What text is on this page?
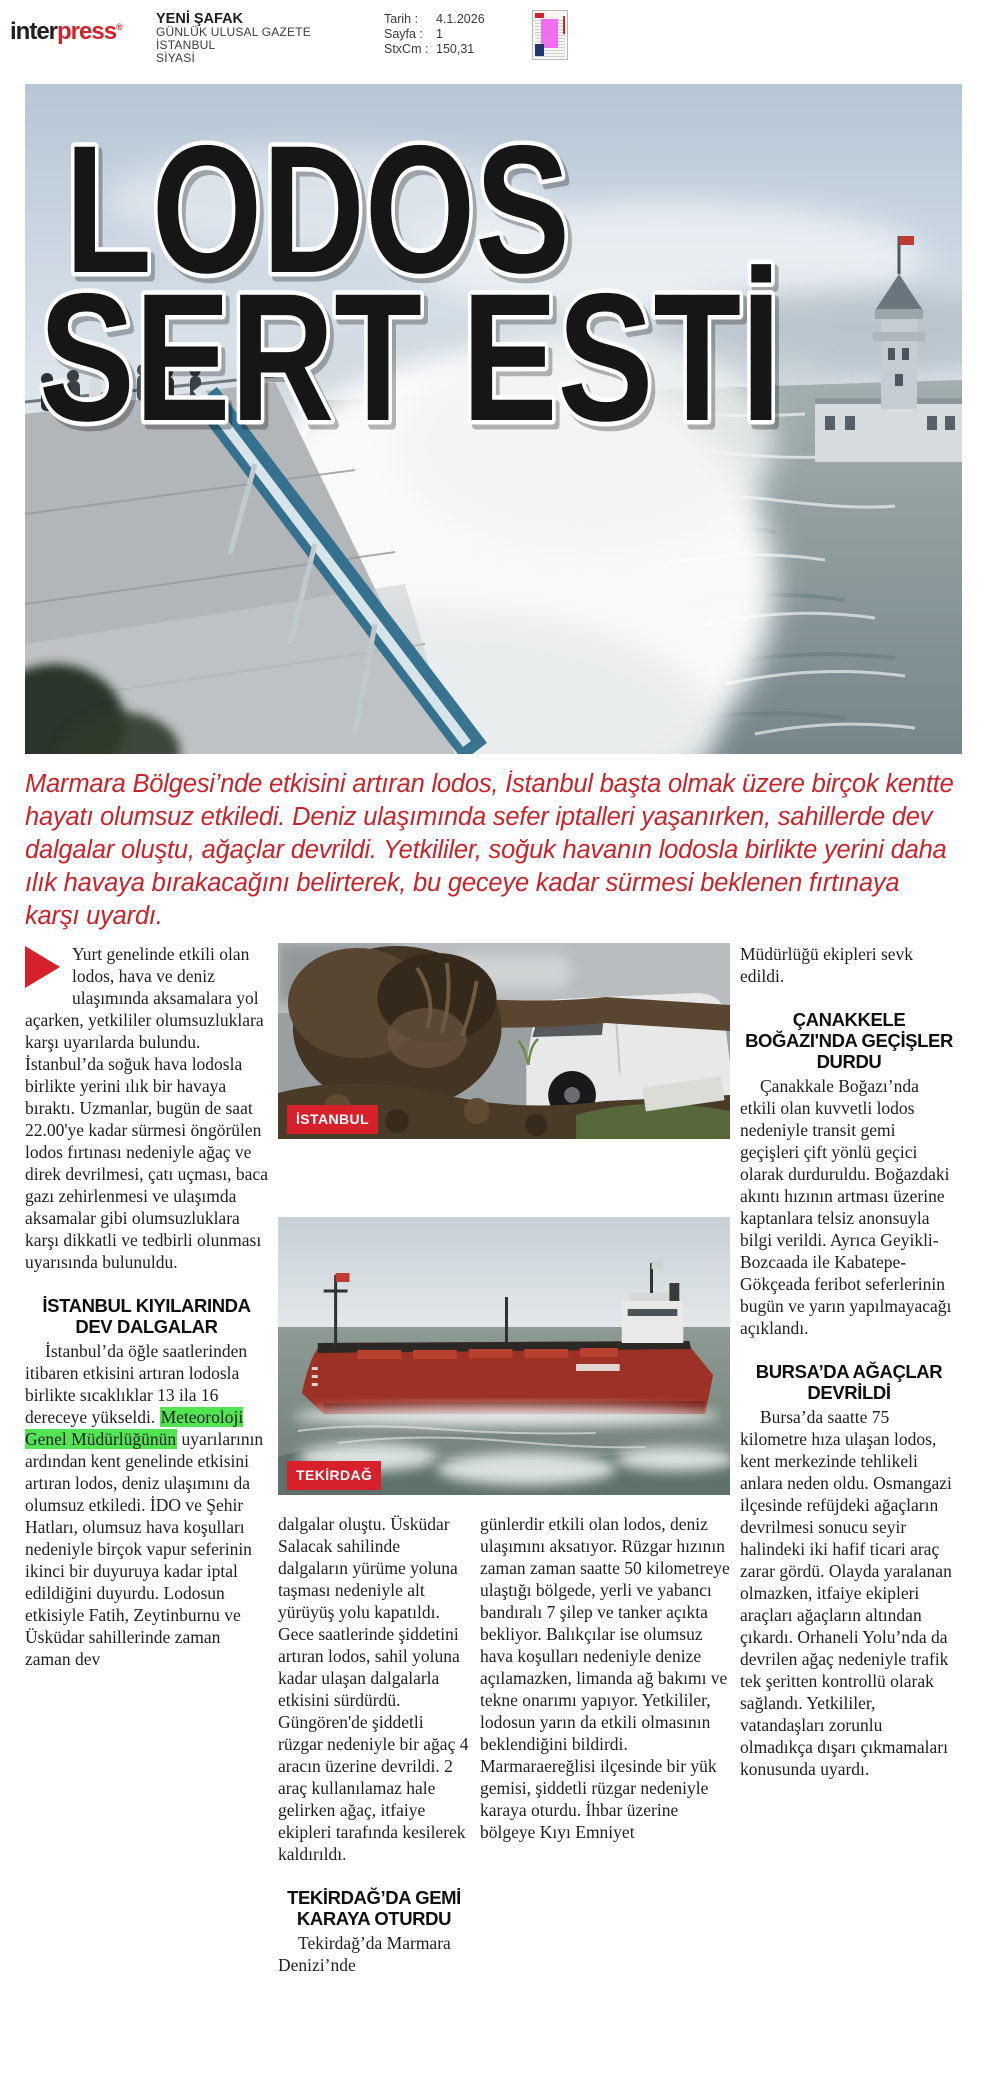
interpress®	YENİ ŞAFAK
GÜNLÜK ULUSAL GAZETE
İSTANBUL
SİYASİ
Tarih :	4.1.2026
Sayfa :	1
StxCm : 150,31
LODOS
SERT ESTİ
Marmara Bölgesi’nde etkisini artıran lodos, İstanbul başta olmak üzere birçok kentte hayatı olumsuz etkiledi. Deniz ulaşımında sefer iptalleri yaşanırken, sahillerde dev dalgalar oluştu, ağaçlar devrildi. Yetkililer, soğuk havanın lodosla birlikte yerini daha ılık havaya bırakacağını belirterek, bu geceye kadar sürmesi beklenen fırtınaya karşı uyardı.

Yurt genelinde etkili olan lodos, hava ve deniz ulaşımında aksamalara yol açarken, yetkililer olumsuzluklara karşı uyarılarda bulundu. İstanbul’da soğuk hava lodosla birlikte yerini ılık bir havaya bıraktı. Uzmanlar, bugün de saat 22.00'ye kadar sürmesi öngörülen lodos fırtınası nedeniyle ağaç ve direk devrilmesi, çatı uçması, baca gazı zehirlenmesi ve ulaşımda aksamalar gibi olumsuzluklara karşı dikkatli ve tedbirli olunması uyarısında bulunuldu.

İSTANBUL KIYILARINDA DEV DALGALAR

İstanbul’da öğle saatlerinden itibaren etkisini artıran lodosla birlikte sıcaklıklar 13 ila 16 dereceye yükseldi. Meteoroloji Genel Müdürlüğünün uyarılarının ardından kent genelinde etkisini artıran lodos, deniz ulaşımını da olumsuz etkiledi. İDO ve Şehir Hatları, olumsuz hava koşulları nedeniyle birçok vapur seferinin ikinci bir duyuruya kadar iptal edildiğini duyurdu. Lodosun etkisiyle Fatih, Zeytinburnu ve Üsküdar sahillerinde zaman zaman dev

İSTANBUL
TEKİRDAĞ

dalgalar oluştu. Üsküdar Salacak sahilinde dalgaların yürüme yoluna taşması nedeniyle alt yürüyüş yolu kapatıldı. Gece saatlerinde şiddetini artıran lodos, sahil yoluna kadar ulaşan dalgalarla etkisini sürdürdü. Güngören'de şiddetli rüzgar nedeniyle bir ağaç 4 aracın üzerine devrildi. 2 araç kullanılamaz hale gelirken ağaç, itfaiye ekipleri tarafında kesilerek kaldırıldı.

TEKİRDAĞ’DA GEMİ KARAYA OTURDU

Tekirdağ’da Marmara Denizi’nde

günlerdir etkili olan lodos, deniz ulaşımını aksatıyor. Rüzgar hızının zaman zaman saatte 50 kilometreye ulaştığı bölgede, yerli ve yabancı bandıralı 7 şilep ve tanker açıkta bekliyor. Balıkçılar ise olumsuz hava koşulları nedeniyle denize açılamazken, limanda ağ bakımı ve tekne onarımı yapıyor. Yetkililer, lodosun yarın da etkili olmasının beklendiğini bildirdi. Marmaraereğlisi ilçesinde bir yük gemisi, şiddetli rüzgar nedeniyle karaya oturdu. İhbar üzerine bölgeye Kıyı Emniyet

Müdürlüğü ekipleri sevk edildi.

ÇANAKKELE BOĞAZI'NDA GEÇİŞLER DURDU

Çanakkale Boğazı’nda etkili olan kuvvetli lodos nedeniyle transit gemi geçişleri çift yönlü geçici olarak durduruldu. Boğazdaki akıntı hızının artması üzerine kaptanlara telsiz anonsuyla bilgi verildi. Ayrıca Geyikli-Bozcaada ile Kabatepe-Gökçeada feribot seferlerinin bugün ve yarın yapılmayacağı açıklandı.

BURSA’DA AĞAÇLAR DEVRİLDİ

Bursa’da saatte 75 kilometre hıza ulaşan lodos, kent merkezinde tehlikeli anlara neden oldu. Osmangazi ilçesinde refüjdeki ağaçların devrilmesi sonucu seyir halindeki iki hafif ticari araç zarar gördü. Olayda yaralanan olmazken, itfaiye ekipleri araçları ağaçların altından çıkardı. Orhaneli Yolu’nda da devrilen ağaç nedeniyle trafik tek şeritten kontrollü olarak sağlandı. Yetkililer, vatandaşları zorunlu olmadıkça dışarı çıkmamaları konusunda uyardı.
